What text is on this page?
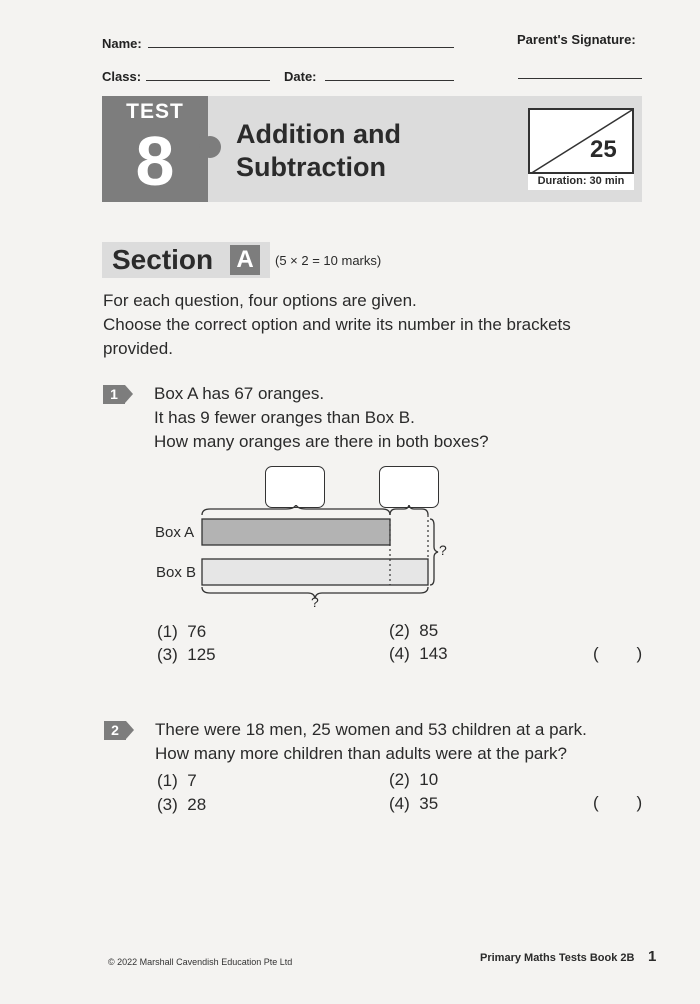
Name:	Parent's Signature:
Class:	Date:
TEST
8	Addition and
Subtraction
25
Duration: 30 min
Section A	(5 × 2 = 10 marks)
For each question, four options are given.
Choose the correct option and write its number in the brackets
provided.
1	Box A has 67 oranges.
It has 9 fewer oranges than Box B.
How many oranges are there in both boxes?
Box A
Box B
?
?
(1) 76	(2) 85
(3) 125	(4) 143	(        )
2	There were 18 men, 25 women and 53 children at a park.
How many more children than adults were at the park?
(1) 7	(2) 10
(3) 28	(4) 35	(        )
© 2022 Marshall Cavendish Education Pte Ltd	Primary Maths Tests Book 2B 1
